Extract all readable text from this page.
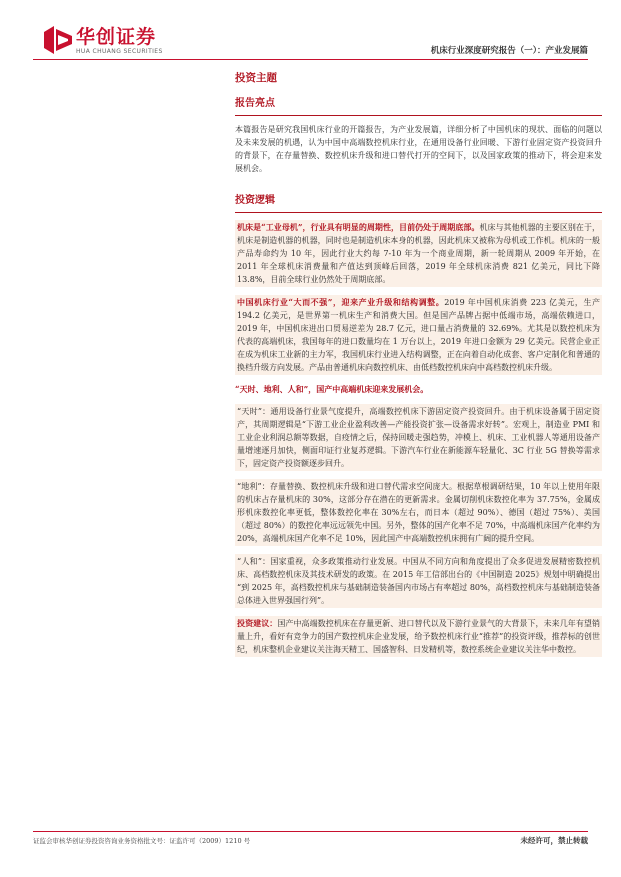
华创证券
HUA CHUANG SECURITIES	机床行业深度研究报告（一）：产业发展篇
投资主题
报告亮点

本篇报告是研究我国机床行业的开篇报告，为产业发展篇，详细分析了中国机床的现状、面临的问题以及未来发展的机遇，认为中国中高端数控机床行业，在通用设备行业回暖、下游行业固定资产投资回升的背景下，在存量替换、数控机床升级和进口替代打开的空间下，以及国家政策的推动下，将会迎来发展机会。

投资逻辑

机床是“工业母机”，行业具有明显的周期性，目前仍处于周期底部。机床与其他机器的主要区别在于，机床是制造机器的机器，同时也是制造机床本身的机器，因此机床又被称为母机或工作机。机床的一般产品寿命约为 10 年，因此行业大约每 7-10 年为一个商业周期，新一轮周期从 2009 年开始，在 2011 年全球机床消费量和产值达到顶峰后回落，2019 年全球机床消费 821 亿美元，同比下降 13.8%，目前全球行业仍然处于周期底部。

中国机床行业“大而不强”，迎来产业升级和结构调整。2019 年中国机床消费 223 亿美元，生产 194.2 亿美元，是世界第一机床生产和消费大国。但是国产品牌占据中低端市场，高端依赖进口，2019 年，中国机床进出口贸易逆差为 28.7 亿元，进口量占消费量的 32.69%。尤其是以数控机床为代表的高端机床，我国每年的进口数量均在 1 万台以上，2019 年进口金额为 29 亿美元。民营企业正在成为机床工业新的主力军，我国机床行业进入结构调整，正在向着自动化成套、客户定制化和普通的换档升级方向发展。产品由普通机床向数控机床、由低档数控机床向中高档数控机床升级。

“天时、地利、人和”，国产中高端机床迎来发展机会。

“天时”：通用设备行业景气度提升，高端数控机床下游固定资产投资回升。由于机床设备属于固定资产，其周期逻辑是“下游工业企业盈利改善—产能投资扩张—设备需求好转”。宏观上，制造业 PMI 和工业企业利润总额等数据，自疫情之后，保持回暖走强趋势，冲模上、机床、工业机器人等通用设备产量增速逐月加快，侧面印证行业复苏逻辑。下游汽车行业在新能源车轻量化、3C 行业 5G 替换等需求下，固定资产投资额逐步回升。

“地利”：存量替换、数控机床升级和进口替代需求空间庞大。根据草根调研结果，10 年以上使用年限的机床占存量机床的 30%，这部分存在潜在的更新需求。金属切削机床数控化率为 37.75%，金属成形机床数控化率更低，整体数控化率在 30%左右，而日本（超过 90%）、德国（超过 75%）、美国（超过 80%）的数控化率远远领先中国。另外，整体的国产化率不足 70%，中高端机床国产化率约为 20%，高端机床国产化率不足 10%，因此国产中高端数控机床拥有广阔的提升空间。

“人和”：国家重视，众多政策推动行业发展。中国从不同方向和角度提出了众多促进发展精密数控机床、高档数控机床及其技术研发的政策。在 2015 年工信部出台的《中国制造 2025》规划中明确提出 “到 2025 年，高档数控机床与基础制造装备国内市场占有率超过 80%，高档数控机床与基础制造装备总体进入世界强国行列”。

投资建议：国产中高端数控机床在存量更新、进口替代以及下游行业景气的大背景下，未来几年有望销量上升，看好有竞争力的国产数控机床企业发展，给予数控机床行业“推荐”的投资评级，推荐标的创世纪，机床整机企业建议关注海天精工、国盛智科、日发精机等，数控系统企业建议关注华中数控。

证监会审核华创证券投资咨询业务资格批文号：证监许可（2009）1210 号	未经许可，禁止转载
